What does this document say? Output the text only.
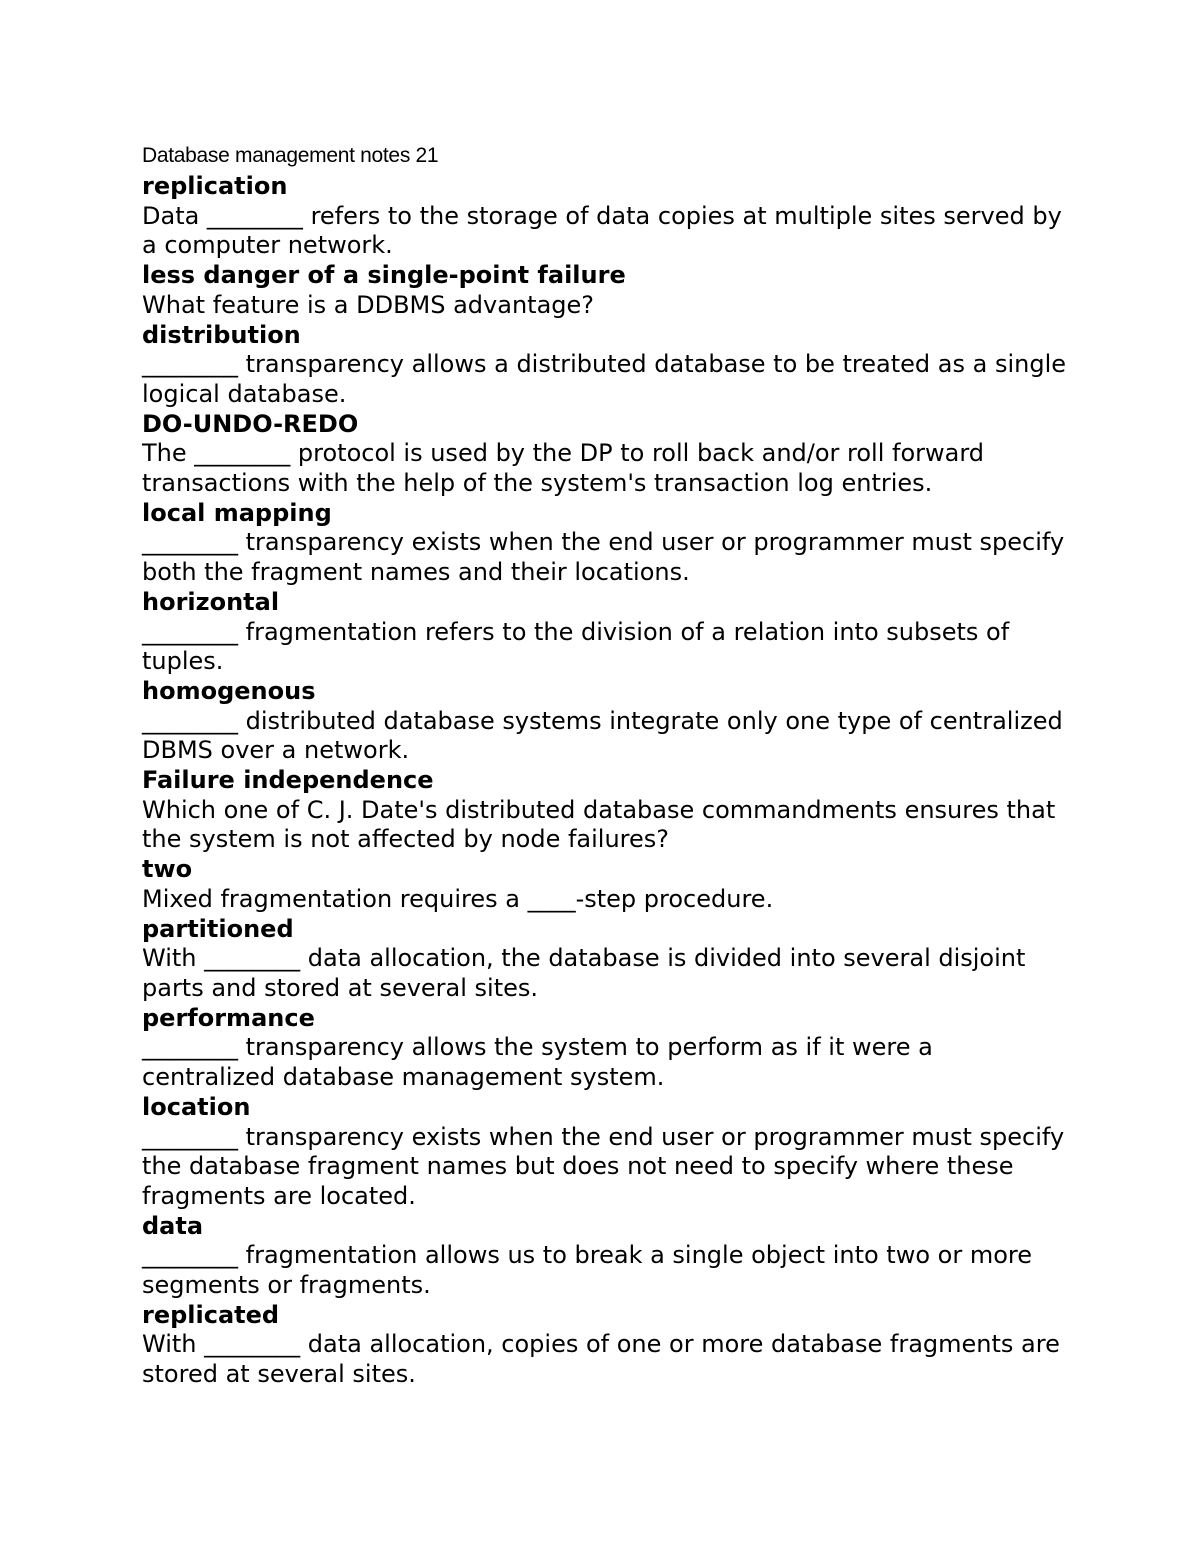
Database management notes 21

replication

Data ________ refers to the storage of data copies at multiple sites served by a computer network.

less danger of a single-point failure

What feature is a DDBMS advantage?

distribution

________ transparency allows a distributed database to be treated as a single logical database.

DO-UNDO-REDO

The ________ protocol is used by the DP to roll back and/or roll forward transactions with the help of the system's transaction log entries.

local mapping

________ transparency exists when the end user or programmer must specify both the fragment names and their locations.

horizontal

________ fragmentation refers to the division of a relation into subsets of tuples.

homogenous

________ distributed database systems integrate only one type of centralized DBMS over a network.

Failure independence

Which one of C. J. Date's distributed database commandments ensures that the system is not affected by node failures?

two

Mixed fragmentation requires a ____-step procedure.

partitioned

With ________ data allocation, the database is divided into several disjoint parts and stored at several sites.

performance

________ transparency allows the system to perform as if it were a centralized database management system.

location

________ transparency exists when the end user or programmer must specify the database fragment names but does not need to specify where these fragments are located.

data

________ fragmentation allows us to break a single object into two or more segments or fragments.

replicated

With ________ data allocation, copies of one or more database fragments are stored at several sites.
